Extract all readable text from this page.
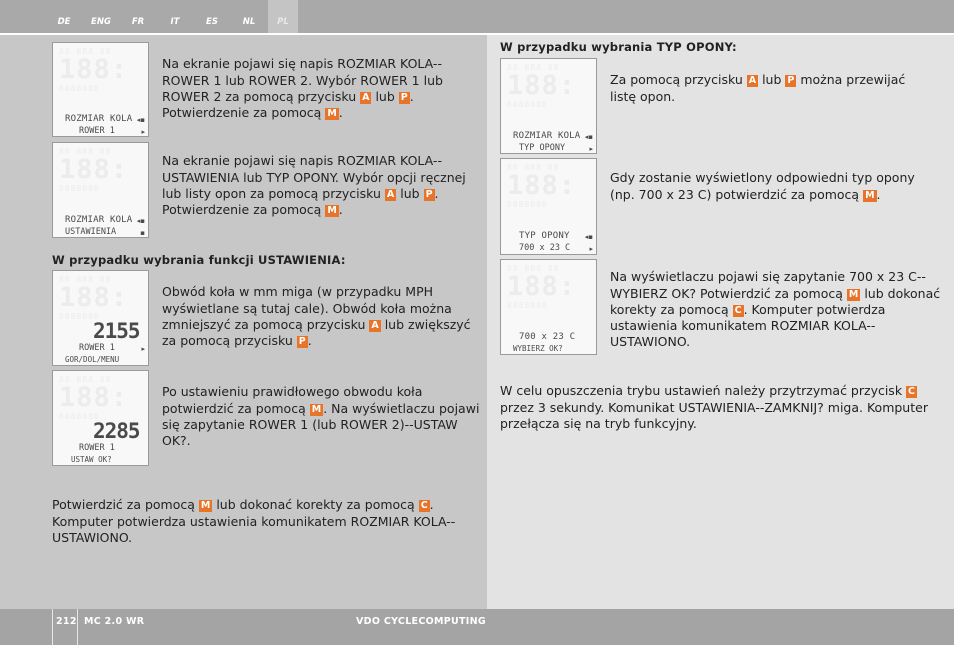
DE	ENG	FR	IT	ES	NL	PL
88 888 88
188:
8888888
ROZMIAR KOLA ◂▪
ROWER 1	▸

Na ekranie pojawi się napis ROZMIAR KOLA--
ROWER 1 lub ROWER 2. Wybór ROWER 1 lub
ROWER 2 za pomocą przycisku A lub P .
Potwierdzenie za pomocą M .

88 888 88
188:
8888888
ROZMIAR KOLA ◂▪
USTAWIENIA	▪

Na ekranie pojawi się napis ROZMIAR KOLA--
USTAWIENIA lub TYP OPONY. Wybór opcji ręcznej
lub listy opon za pomocą przycisku A lub P .
Potwierdzenie za pomocą M .

W przypadku wybrania funkcji USTAWIENIA:
88 888 88
188:
8888888
2155
ROWER 1	▸
GOR/DOL/MENU

Obwód koła w mm miga (w przypadku MPH
wyświetlane są tutaj cale). Obwód koła można
zmniejszyć za pomocą przycisku A lub zwiększyć
za pomocą przycisku P .

88 888 88
188:
8888888
2285
ROWER 1
USTAW OK?

Po ustawieniu prawidłowego obwodu koła
potwierdzić za pomocą M . Na wyświetlaczu pojawi
się zapytanie ROWER 1 (lub ROWER 2)--USTAW OK?.

Potwierdzić za pomocą M lub dokonać korekty za pomocą C .
Komputer potwierdza ustawienia komunikatem ROZMIAR KOLA--
USTAWIONO.

W przypadku wybrania TYP OPONY:
88 888 88
188:
8888888
ROZMIAR KOLA ◂▪
TYP OPONY	▸

Za pomocą przycisku A lub P można przewijać
listę opon.

88 888 88
188:
8888888
TYP OPONY ◂▪
700 x 23 C	▸

Gdy zostanie wyświetlony odpowiedni typ opony
(np. 700 x 23 C) potwierdzić za pomocą M .

88 888 88
188:
8888888
700 x 23 C
WYBIERZ OK?

Na wyświetlaczu pojawi się zapytanie 700 x 23 C--
WYBIERZ OK? Potwierdzić za pomocą M lub dokonać
korekty za pomocą C . Komputer potwierdza
ustawienia komunikatem ROZMIAR KOLA--
USTAWIONO.

W celu opuszczenia trybu ustawień należy przytrzymać przycisk C
przez 3 sekundy. Komunikat USTAWIENIA--ZAMKNIJ? miga. Komputer
przełącza się na tryb funkcyjny.

212 MC 2.0 WR	VDO CYCLECOMPUTING
